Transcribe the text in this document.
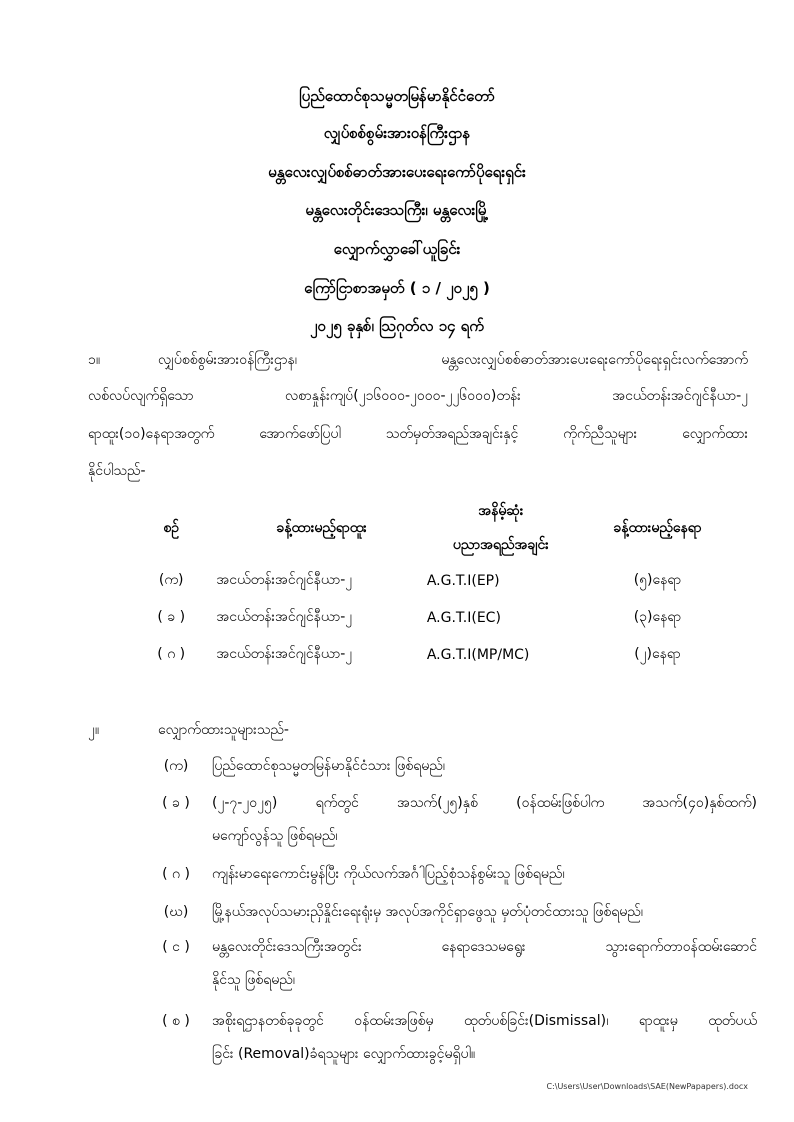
ပြည်ထောင်စုသမ္မတမြန်မာနိုင်ငံတော်
လျှပ်စစ်စွမ်းအားဝန်ကြီးဌာန
မန္တလေးလျှပ်စစ်ဓာတ်အားပေးရေးကော်ပိုရေးရှင်း
မန္တလေးတိုင်းဒေသကြီး၊ မန္တလေးမြို့
လျှောက်လွှာခေါ်ယူခြင်း
ကြော်ငြာစာအမှတ် ( ၁ / ၂၀၂၅ )
၂၀၂၅ ခုနှစ်၊ ဩဂုတ်လ ၁၄ ရက်
၁။	လျှပ်စစ်စွမ်းအားဝန်ကြီးဌာန၊ မန္တလေးလျှပ်စစ်ဓာတ်အားပေးရေးကော်ပိုရေးရှင်းလက်အောက်
လစ်လပ်လျက်ရှိသော လစာနှုန်းကျပ်(၂၁၆၀၀၀-၂၀၀၀-၂၂၆၀၀၀)တန်း အငယ်တန်းအင်ဂျင်နီယာ-၂
ရာထူး(၁၀)နေရာအတွက် အောက်ဖော်ပြပါ သတ်မှတ်အရည်အချင်းနှင့် ကိုက်ညီသူများ လျှောက်ထား
နိုင်ပါသည်-
စဉ်	ခန့်ထားမည့်ရာထူး	အနိမ့်ဆုံး
ပညာအရည်အချင်း	ခန့်ထားမည့်နေရာ
(က)	အငယ်တန်းအင်ဂျင်နီယာ-၂	A.G.T.I(EP)	(၅)နေရာ
( ခ )	အငယ်တန်းအင်ဂျင်နီယာ-၂	A.G.T.I(EC)	(၃)နေရာ
( ဂ )	အငယ်တန်းအင်ဂျင်နီယာ-၂	A.G.T.I(MP/MC)	(၂)နေရာ
၂။	လျှောက်ထားသူများသည်-
(က)	ပြည်ထောင်စုသမ္မတမြန်မာနိုင်ငံသား ဖြစ်ရမည်၊
( ခ )	(၂-၇-၂၀၂၅) ရက်တွင် အသက်(၂၅)နှစ် (ဝန်ထမ်းဖြစ်ပါက အသက်(၄၀)နှစ်ထက်)
မကျော်လွန်သူ ဖြစ်ရမည်၊
( ဂ )	ကျန်းမာရေးကောင်းမွန်ပြီး ကိုယ်လက်အင်္ဂါပြည့်စုံသန်စွမ်းသူ ဖြစ်ရမည်၊
(ဃ)	မြို့နယ်အလုပ်သမားညှိနှိုင်းရေးရုံးမှ အလုပ်အကိုင်ရှာဖွေသူ မှတ်ပုံတင်ထားသူ ဖြစ်ရမည်၊
( င )	မန္တလေးတိုင်းဒေသကြီးအတွင်း နေရာဒေသမရွေး သွားရောက်တာဝန်ထမ်းဆောင်
နိုင်သူ ဖြစ်ရမည်၊
( စ )	အစိုးရဌာနတစ်ခုခုတွင် ဝန်ထမ်းအဖြစ်မှ ထုတ်ပစ်ခြင်း(Dismissal)၊ ရာထူးမှ ထုတ်ပယ်
ခြင်း (Removal)ခံရသူများ လျှောက်ထားခွင့်မရှိပါ။
C:\Users\User\Downloads\SAE(NewPapapers).docx
